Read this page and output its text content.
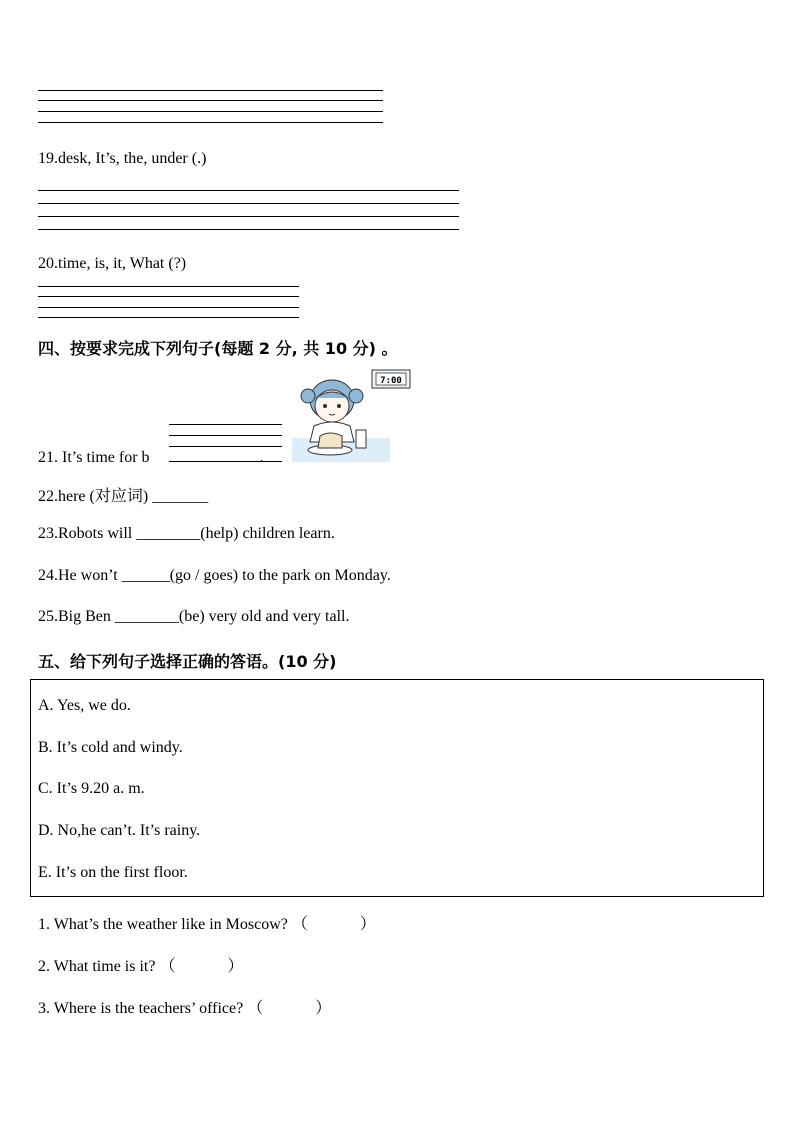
19.desk, It’s, the, under (.)
20.time, is, it, What (?)
四、按要求完成下列句子(每题 2 分, 共 10 分) 。
21. It’s time for b	.
7:00
22.here (对应词) _______
23.Robots will ________(help) children learn.
24.He won’t ______(go / goes) to the park on Monday.
25.Big Ben ________(be) very old and very tall.
五、给下列句子选择正确的答语。(10 分)
A. Yes, we do.
B. It’s cold and windy.
C. It’s 9.20 a. m.
D. No,he can’t. It’s rainy.
E. It’s on the first floor.
1. What’s the weather like in Moscow? （	）
2. What time is it? （	）
3. Where is the teachers’ office? （	）
